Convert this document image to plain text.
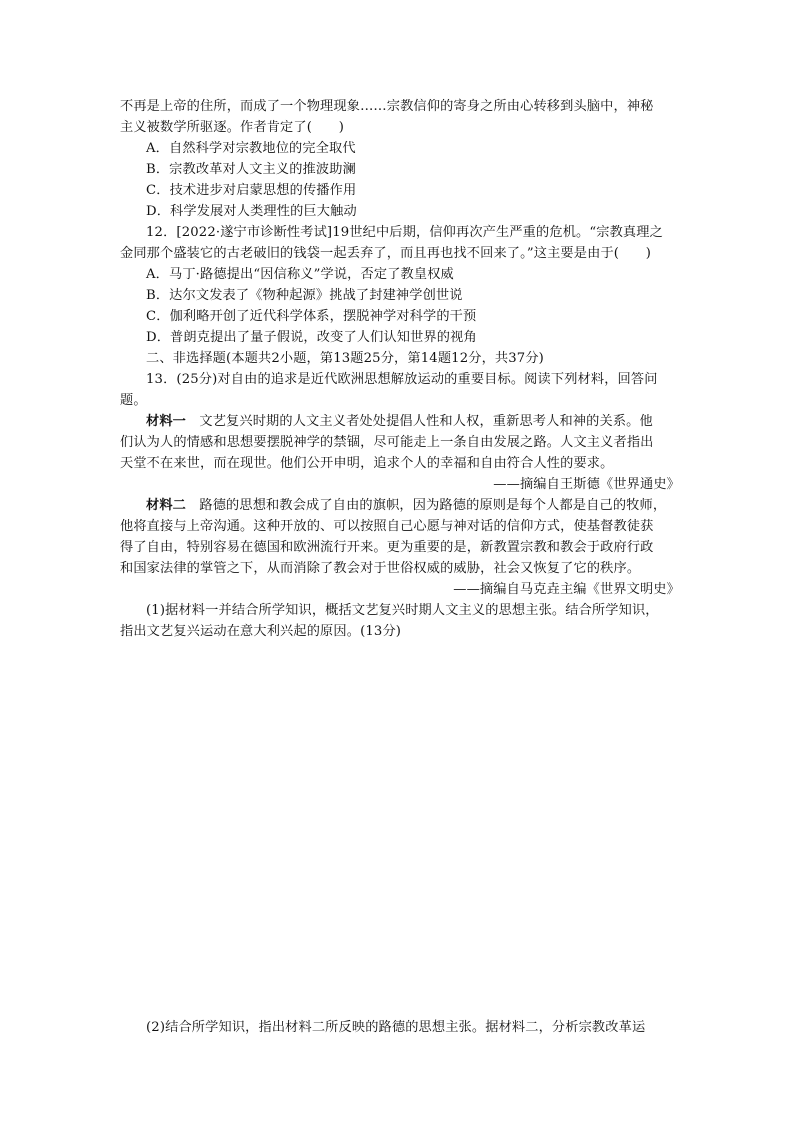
不再是上帝的住所，而成了一个物理现象……宗教信仰的寄身之所由心转移到头脑中，神秘
主义被数学所驱逐。作者肯定了(　　)
A．自然科学对宗教地位的完全取代
B．宗教改革对人文主义的推波助澜
C．技术进步对启蒙思想的传播作用
D．科学发展对人类理性的巨大触动
12．[2022·遂宁市诊断性考试]19世纪中后期，信仰再次产生严重的危机。“宗教真理之
金同那个盛装它的古老破旧的钱袋一起丢弃了，而且再也找不回来了。”这主要是由于(　　)
A．马丁·路德提出“因信称义”学说，否定了教皇权威
B．达尔文发表了《物种起源》挑战了封建神学创世说
C．伽利略开创了近代科学体系，摆脱神学对科学的干预
D．普朗克提出了量子假说，改变了人们认知世界的视角
二、非选择题(本题共2小题，第13题25分，第14题12分，共37分)
13．(25分)对自由的追求是近代欧洲思想解放运动的重要目标。阅读下列材料，回答问
题。
材料一　文艺复兴时期的人文主义者处处提倡人性和人权，重新思考人和神的关系。他
们认为人的情感和思想要摆脱神学的禁锢，尽可能走上一条自由发展之路。人文主义者指出
天堂不在来世，而在现世。他们公开申明，追求个人的幸福和自由符合人性的要求。
——摘编自王斯德《世界通史》
材料二　路德的思想和教会成了自由的旗帜，因为路德的原则是每个人都是自己的牧师，
他将直接与上帝沟通。这种开放的、可以按照自己心愿与神对话的信仰方式，使基督教徒获
得了自由，特别容易在德国和欧洲流行开来。更为重要的是，新教置宗教和教会于政府行政
和国家法律的掌管之下，从而消除了教会对于世俗权威的威胁，社会又恢复了它的秩序。
——摘编自马克垚主编《世界文明史》
(1)据材料一并结合所学知识，概括文艺复兴时期人文主义的思想主张。结合所学知识，
指出文艺复兴运动在意大利兴起的原因。(13分)
(2)结合所学知识，指出材料二所反映的路德的思想主张。据材料二，分析宗教改革运
